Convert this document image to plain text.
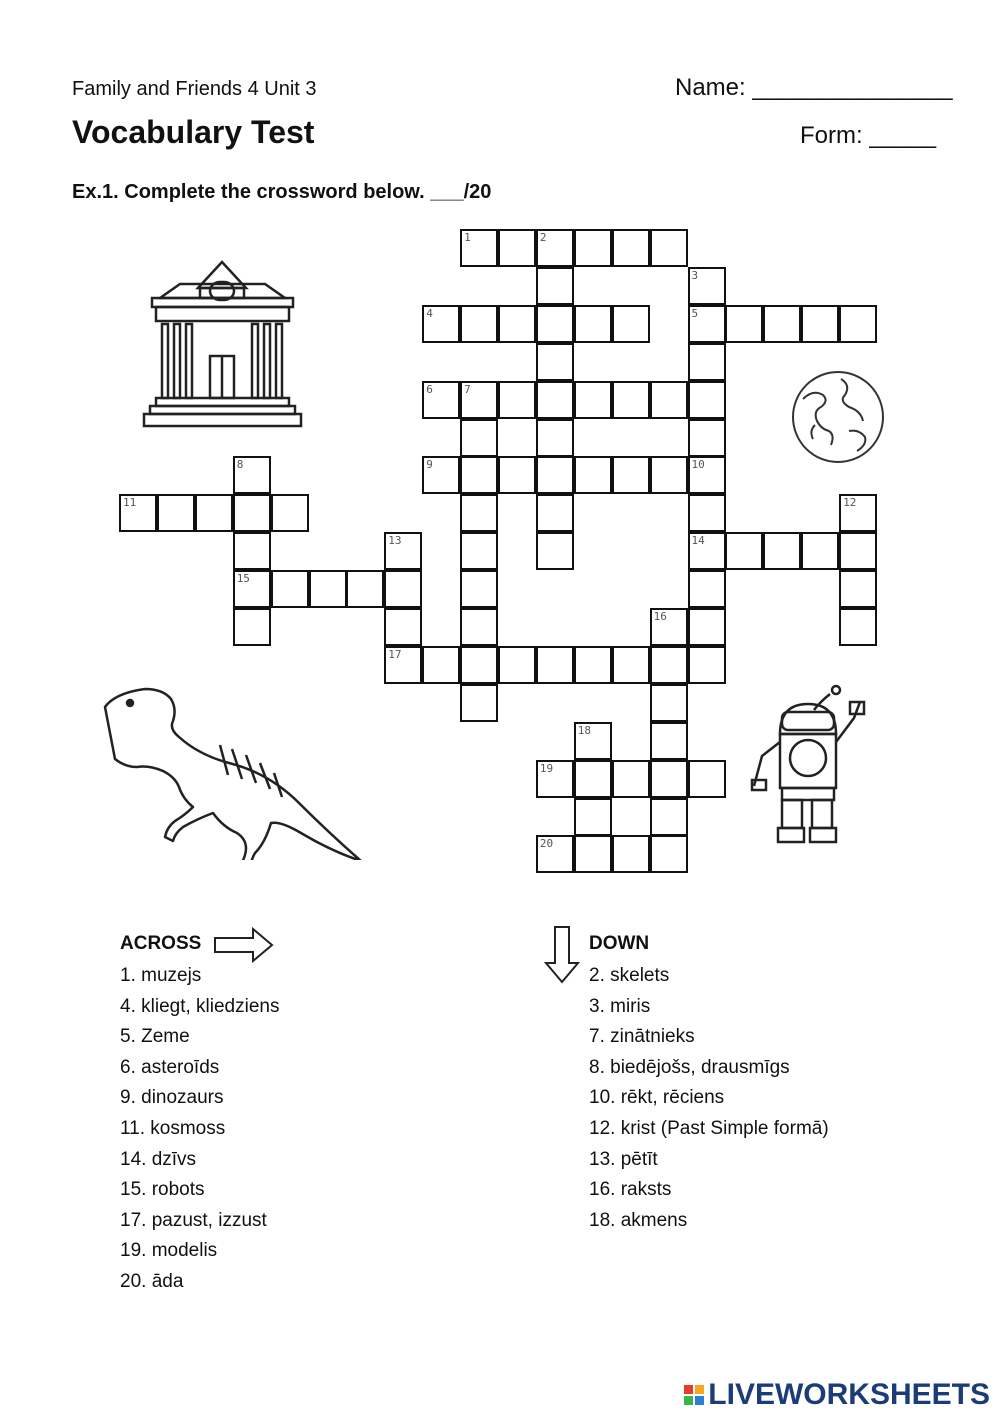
Family and Friends 4 Unit 3	Name: _______________
Vocabulary Test	Form: _____
Ex.1. Complete the crossword below. ___/20
1	2
3
4	5
6	7
8	9	10
11	12
13	14
15
16
17
18
19
20
ACROSS	DOWN
1. muzejs
4. kliegt, kliedziens
5. Zeme
6. asteroīds
9. dinozaurs
11. kosmoss
14. dzīvs
15. robots
17. pazust, izzust
19. modelis
20. āda
2. skelets
3. miris
7. zinātnieks
8. biedējošs, drausmīgs
10. rēkt, rēciens
12. krist (Past Simple formā)
13. pētīt
16. raksts
18. akmens
LIVEWORKSHEETS
